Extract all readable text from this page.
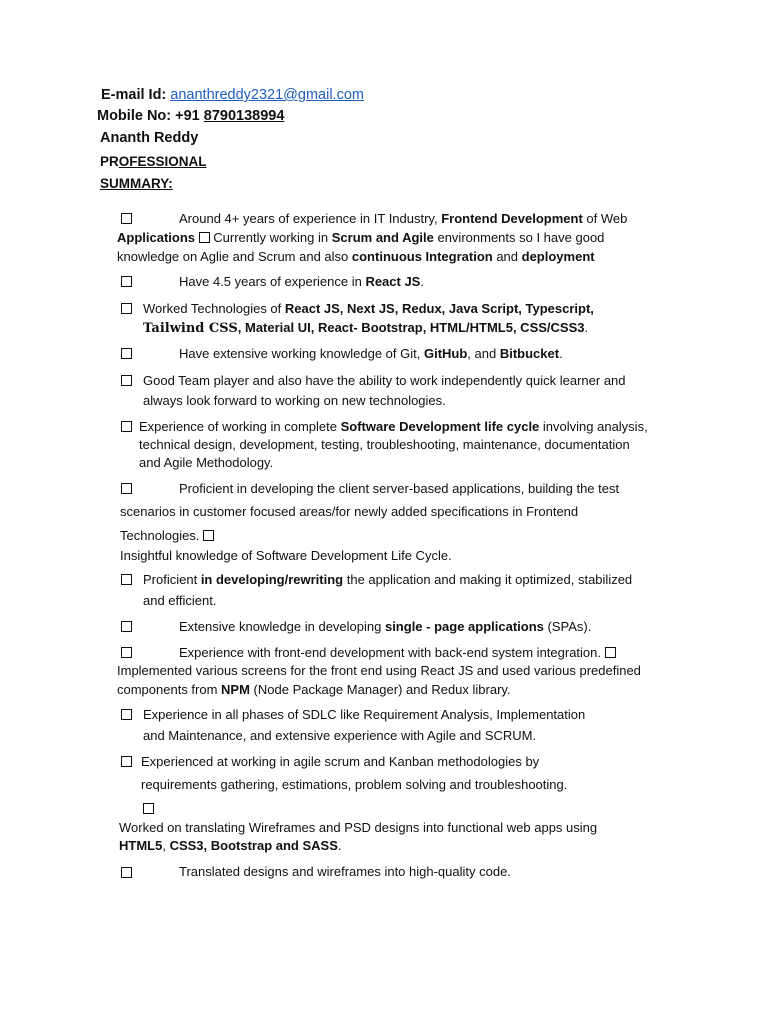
E-mail Id: ananthreddy2321@gmail.com
Mobile No: +91 8790138994
Ananth Reddy
PROFESSIONAL
SUMMARY:
Around 4+ years of experience in IT Industry, Frontend Development of Web
Applications  Currently working in Scrum and Agile environments so I have good
knowledge on Aglie and Scrum and also continuous Integration and deployment
Have 4.5 years of experience in React JS.
Worked Technologies of React JS, Next JS, Redux, Java Script, Typescript,
Tailwind CSS, Material UI, React- Bootstrap, HTML/HTML5, CSS/CSS3.
Have extensive working knowledge of Git, GitHub, and Bitbucket.
Good Team player and also have the ability to work independently quick learner and
always look forward to working on new technologies.
Experience of working in complete Software Development life cycle involving analysis,
technical design, development, testing, troubleshooting, maintenance, documentation
and Agile Methodology.
Proficient in developing the client server-based applications, building the test
scenarios in customer focused areas/for newly added specifications in Frontend
Technologies.
Insightful knowledge of Software Development Life Cycle.
Proficient in developing/rewriting the application and making it optimized, stabilized
and efficient.
Extensive knowledge in developing single - page applications (SPAs).
Experience with front-end development with back-end system integration.
Implemented various screens for the front end using React JS and used various predefined
components from NPM (Node Package Manager) and Redux library.
Experience in all phases of SDLC like Requirement Analysis, Implementation
and Maintenance, and extensive experience with Agile and SCRUM.
Experienced at working in agile scrum and Kanban methodologies by
requirements gathering, estimations, problem solving and troubleshooting.
Worked on translating Wireframes and PSD designs into functional web apps using
HTML5, CSS3, Bootstrap and SASS.
Translated designs and wireframes into high-quality code.
